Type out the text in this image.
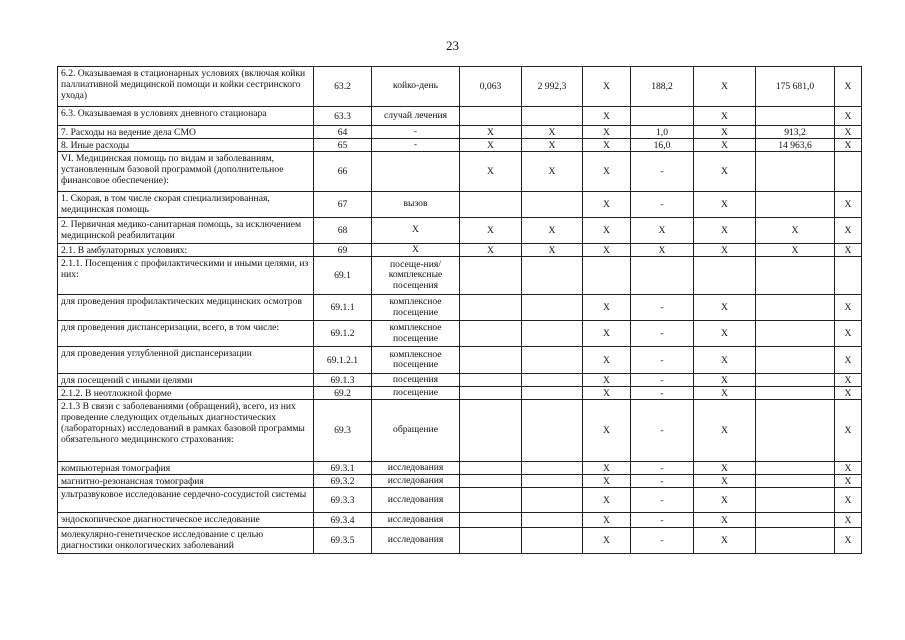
23
6.2. Оказываемая в стационарных условиях (включая койки паллиативной медицинской помощи и койки сестринского ухода)	63.2	койко-день	0,063	2 992,3	Х	188,2	Х	175 681,0	Х
6.3. Оказываемая в условиях дневного стационара	63.3	случай лечения			Х		Х		Х
7. Расходы на ведение дела СМО	64	-	Х	Х	Х	1,0	Х	913,2	Х
8. Иные расходы	65	-	Х	Х	Х	16,0	Х	14 963,6	Х
VI. Медицинская помощь по видам и заболеваниям, установленным базовой программой (дополнительное финансовое обеспечение):	66		Х	Х	Х	-	Х		
1. Скорая, в том числе скорая специализированная, медицинская помощь	67	вызов			Х	-	Х		Х
2. Первичная медико-санитарная помощь, за исключением медицинской реабилитации	68	Х	Х	Х	Х	Х	Х	Х	Х
2.1. В амбулаторных условиях:	69	Х	Х	Х	Х	Х	Х	Х	Х
2.1.1. Посещения с профилактическими и иными целями, из них:	69.1	посеще-ния/комплексные посещения							
для проведения профилактических медицинских осмотров	69.1.1	комплексное посещение			Х	-	Х		Х
для проведения диспансеризации, всего, в том числе:	69.1.2	комплексное посещение			Х	-	Х		Х
для проведения углубленной диспансеризации	69.1.2.1	комплексное посещение			Х	-	Х		Х
для посещений с иными целями	69.1.3	посещения			Х	-	Х		Х
2.1.2. В неотложной форме	69.2	посещение			Х	-	Х		Х
2.1.3 В связи с заболеваниями (обращений), всего, из них проведение следующих отдельных диагностических (лабораторных) исследований в рамках базовой программы обязательного медицинского страхования:	69.3	обращение			Х	-	Х		Х
компьютерная томография	69.3.1	исследования			Х	-	Х		Х
магнитно-резонансная томография	69.3.2	исследования			Х	-	Х		Х
ультразвуковое исследование сердечно-сосудистой системы	69.3.3	исследования			Х	-	Х		Х
эндоскопическое диагностическое исследование	69.3.4	исследования			Х	-	Х		Х
молекулярно-генетическое исследование с целью диагностики онкологических заболеваний	69.3.5	исследования			Х	-	Х		Х
